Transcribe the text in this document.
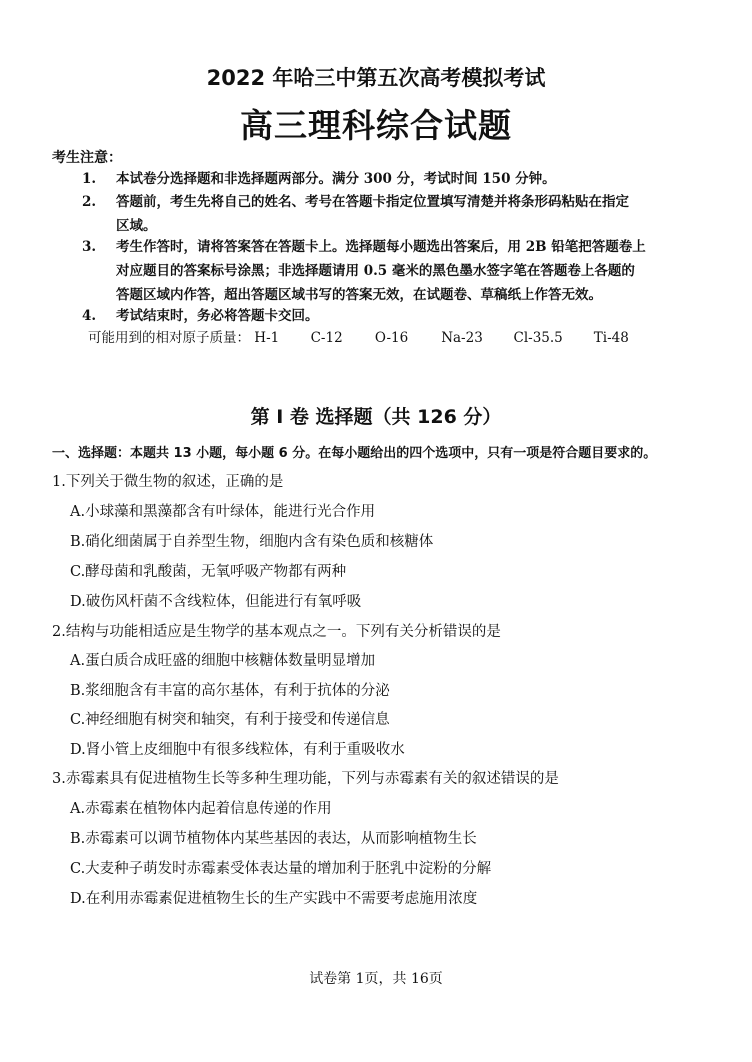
2022 年哈三中第五次高考模拟考试
高三理科综合试题
考生注意：
1.	本试卷分选择题和非选择题两部分。满分 300 分，考试时间 150 分钟。
2.	答题前，考生先将自己的姓名、考号在答题卡指定位置填写清楚并将条形码粘贴在指定
区域。
3.	考生作答时，请将答案答在答题卡上。选择题每小题选出答案后，用 2B 铅笔把答题卷上
对应题目的答案标号涂黑；非选择题请用 0.5 毫米的黑色墨水签字笔在答题卷上各题的
答题区域内作答，超出答题区域书写的答案无效，在试题卷、草稿纸上作答无效。
4.	考试结束时，务必将答题卡交回。
可能用到的相对原子质量： H-1 C-12 O-16 Na-23 Cl-35.5 Ti-48
第 I 卷 选择题（共 126 分）
一、选择题：本题共 13 小题，每小题 6 分。在每小题给出的四个选项中，只有一项是符合题目要求的。
1.下列关于微生物的叙述，正确的是
A.小球藻和黑藻都含有叶绿体，能进行光合作用
B.硝化细菌属于自养型生物，细胞内含有染色质和核糖体
C.酵母菌和乳酸菌，无氧呼吸产物都有两种
D.破伤风杆菌不含线粒体，但能进行有氧呼吸
2.结构与功能相适应是生物学的基本观点之一。下列有关分析错误的是
A.蛋白质合成旺盛的细胞中核糖体数量明显增加
B.浆细胞含有丰富的高尔基体，有利于抗体的分泌
C.神经细胞有树突和轴突，有利于接受和传递信息
D.肾小管上皮细胞中有很多线粒体，有利于重吸收水
3.赤霉素具有促进植物生长等多种生理功能，下列与赤霉素有关的叙述错误的是
A.赤霉素在植物体内起着信息传递的作用
B.赤霉素可以调节植物体内某些基因的表达，从而影响植物生长
C.大麦种子萌发时赤霉素受体表达量的增加利于胚乳中淀粉的分解
D.在利用赤霉素促进植物生长的生产实践中不需要考虑施用浓度
试卷第 1页，共 16页
